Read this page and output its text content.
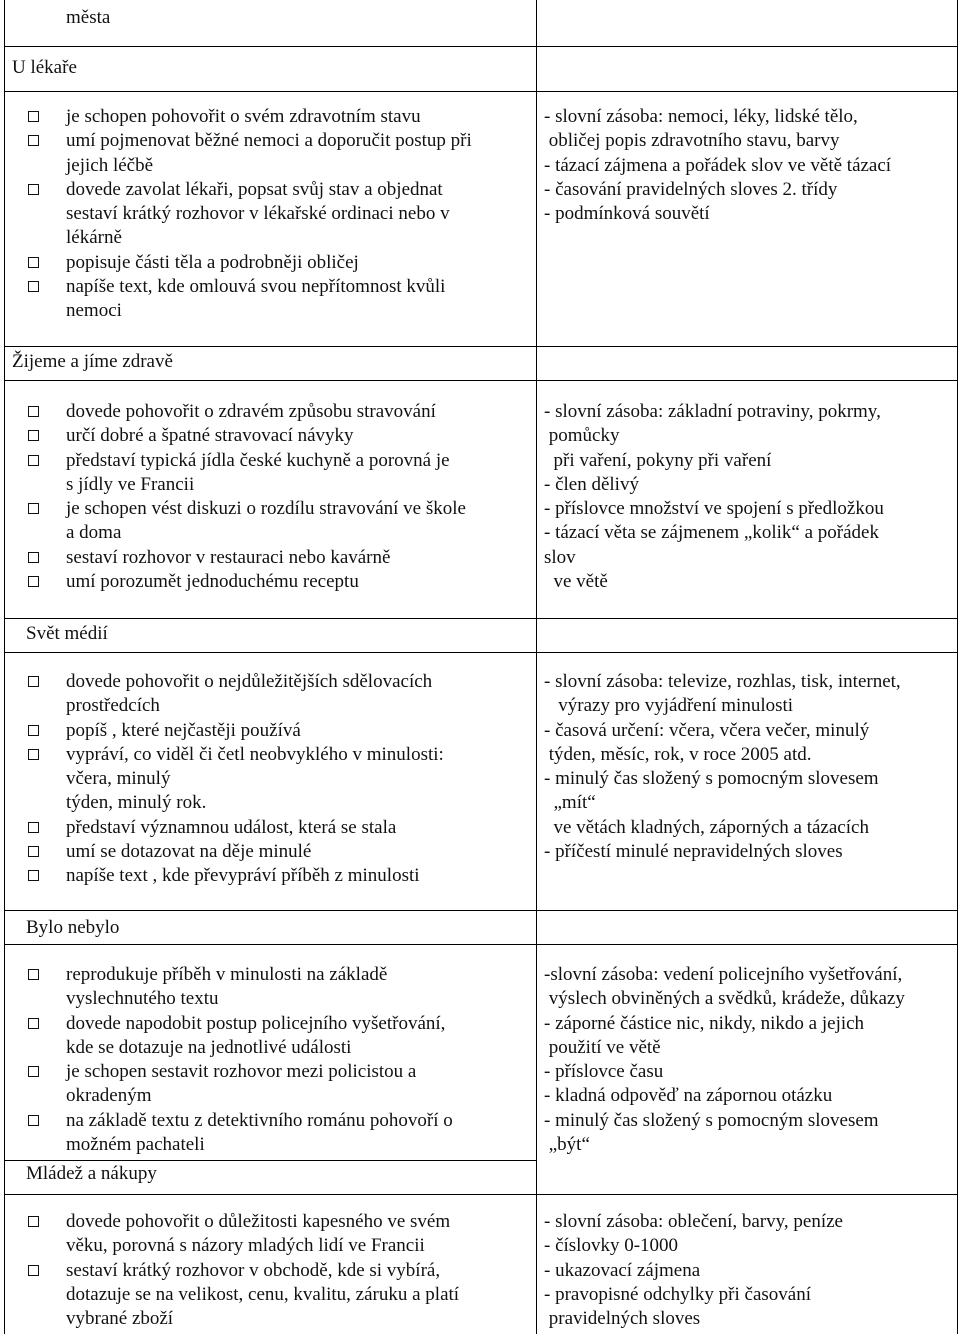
města
U lékaře
Žijeme a jíme zdravě
Svět médií
Bylo nebylo
Mládež a nákupy
je schopen pohovořit o svém zdravotním stavu
umí pojmenovat běžné nemoci a doporučit postup při
jejich léčbě
dovede zavolat lékaři, popsat svůj stav a objednat
sestaví krátký rozhovor v lékařské ordinaci nebo v
lékárně
popisuje části těla a podrobněji obličej
napíše text, kde omlouvá svou nepřítomnost kvůli
nemoci
- slovní zásoba: nemoci, léky, lidské tělo,
obličej popis zdravotního stavu, barvy
- tázací zájmena a pořádek slov ve větě tázací
- časování pravidelných sloves 2. třídy
- podmínková souvětí
dovede pohovořit o zdravém způsobu stravování
určí dobré a špatné stravovací návyky
představí typická jídla české kuchyně a porovná je
s jídly ve Francii
je schopen vést diskuzi o rozdílu stravování ve škole
a doma
sestaví rozhovor v restauraci nebo kavárně
umí porozumět jednoduchému receptu
- slovní zásoba: základní potraviny, pokrmy,
pomůcky
při vaření, pokyny při vaření
- člen dělivý
- příslovce množství ve spojení s předložkou
- tázací věta se zájmenem „kolik“ a pořádek
slov
ve větě
dovede pohovořit o nejdůležitějších sdělovacích
prostředcích
popíš , které nejčastěji používá
vypráví, co viděl či četl neobvyklého v minulosti:
včera, minulý
týden, minulý rok.
představí významnou událost, která se stala
umí se dotazovat na děje minulé
napíše text , kde převypráví příběh z minulosti
- slovní zásoba: televize, rozhlas, tisk, internet,
výrazy pro vyjádření minulosti
- časová určení: včera, včera večer, minulý
týden, měsíc, rok, v roce 2005 atd.
- minulý čas složený s pomocným slovesem
„mít“
ve větách kladných, záporných a tázacích
- příčestí minulé nepravidelných sloves
reprodukuje příběh v minulosti na základě
vyslechnutého textu
dovede napodobit postup policejního vyšetřování,
kde se dotazuje na jednotlivé události
je schopen sestavit rozhovor mezi policistou a
okradeným
na základě textu z detektivního románu pohovoří o
možném pachateli
-slovní zásoba: vedení policejního vyšetřování,
výslech obviněných a svědků, krádeže, důkazy
- záporné částice nic, nikdy, nikdo a jejich
použití ve větě
- příslovce času
- kladná odpověď na zápornou otázku
- minulý čas složený s pomocným slovesem
„být“
dovede pohovořit o důležitosti kapesného ve svém
věku, porovná s názory mladých lidí ve Francii
sestaví krátký rozhovor v obchodě, kde si vybírá,
dotazuje se na velikost, cenu, kvalitu, záruku a platí
vybrané zboží
- slovní zásoba: oblečení, barvy, peníze
- číslovky 0-1000
- ukazovací zájmena
- pravopisné odchylky při časování
pravidelných sloves
